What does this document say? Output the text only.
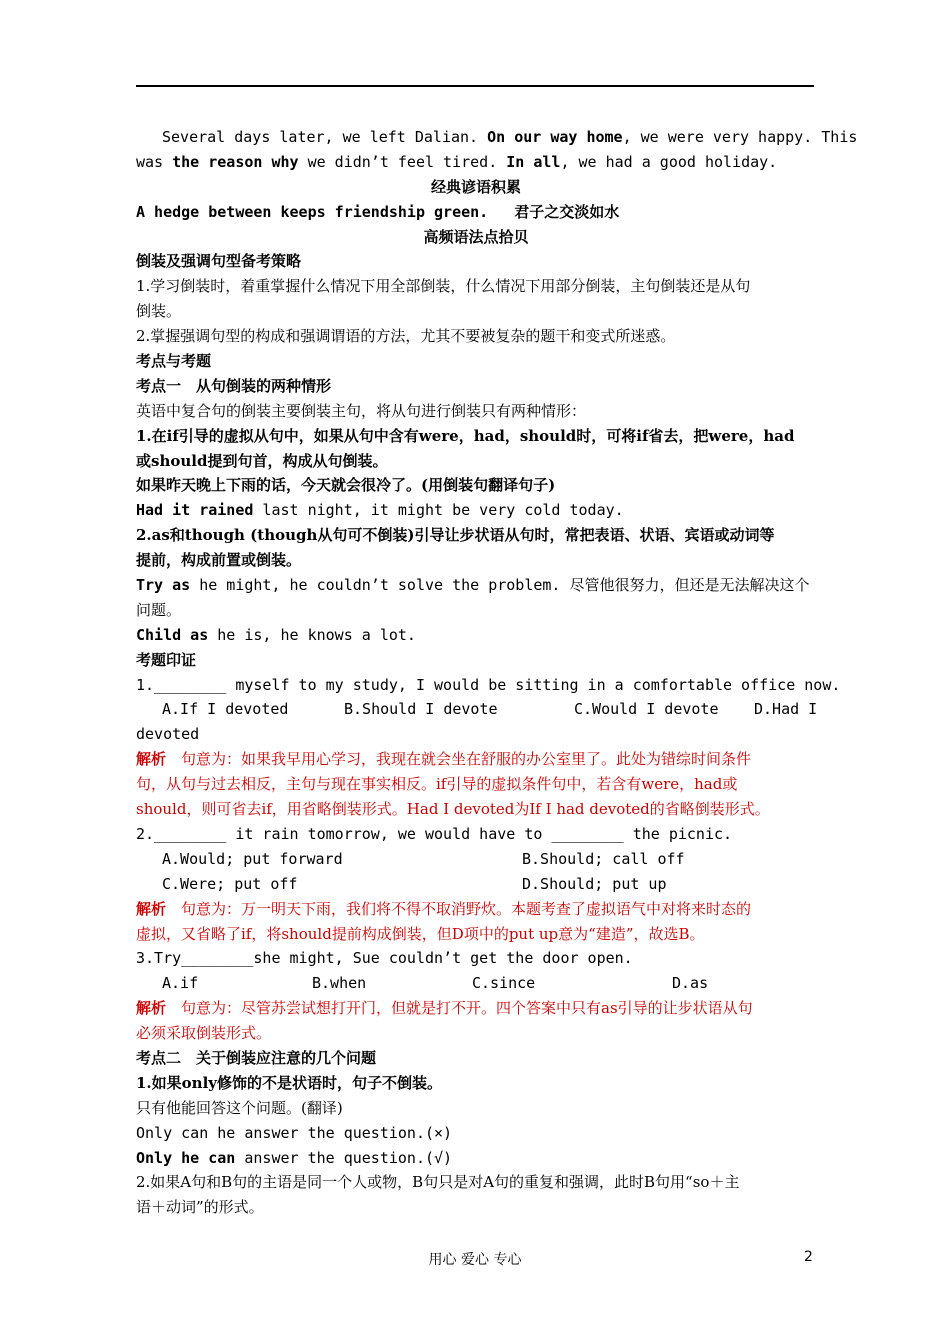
Several days later, we left Dalian. On our way home, we were very happy. This
was the reason why we didn’t feel tired. In all, we had a good holiday.
经典谚语积累
A hedge between keeps friendship green. 君子之交淡如水
高频语法点拾贝
倒装及强调句型备考策略
1.学习倒装时，着重掌握什么情况下用全部倒装，什么情况下用部分倒装，主句倒装还是从句
倒装。
2.掌握强调句型的构成和强调谓语的方法，尤其不要被复杂的题干和变式所迷惑。
考点与考题
考点一　从句倒装的两种情形
英语中复合句的倒装主要倒装主句，将从句进行倒装只有两种情形：
1.在if引导的虚拟从句中，如果从句中含有were，had，should时，可将if省去，把were，had
或should提到句首，构成从句倒装。
如果昨天晚上下雨的话，今天就会很冷了。(用倒装句翻译句子)
Had it rained last night, it might be very cold today.
2.as和though (though从句可不倒装)引导让步状语从句时，常把表语、状语、宾语或动词等
提前，构成前置或倒装。
Try as he might, he couldn’t solve the problem. 尽管他很努力，但还是无法解决这个
问题。
Child as he is, he knows a lot.
考题印证
1.________ myself to my study, I would be sitting in a comfortable office now.
A.If I devoted	B.Should I devote	C.Would I devote D.Had I
devoted
解析　句意为：如果我早用心学习，我现在就会坐在舒服的办公室里了。此处为错综时间条件
句，从句与过去相反，主句与现在事实相反。if引导的虚拟条件句中，若含有were，had或
should，则可省去if，用省略倒装形式。Had I devoted为If I had devoted的省略倒装形式。
2.________ it rain tomorrow, we would have to ________ the picnic.
A.Would; put forward	B.Should; call off
C.Were; put off	D.Should; put up
解析　句意为：万一明天下雨，我们将不得不取消野炊。本题考查了虚拟语气中对将来时态的
虚拟，又省略了if，将should提前构成倒装，但D项中的put up意为“建造”，故选B。
3.Try________she might, Sue couldn’t get the door open.
A.if	B.when	C.since	D.as
解析　句意为：尽管苏尝试想打开门，但就是打不开。四个答案中只有as引导的让步状语从句
必须采取倒装形式。
考点二　关于倒装应注意的几个问题
1.如果only修饰的不是状语时，句子不倒装。
只有他能回答这个问题。(翻译)
Only can he answer the question.(×)
Only he can answer the question.(√)
2.如果A句和B句的主语是同一个人或物，B句只是对A句的重复和强调，此时B句用“so＋主
语＋动词”的形式。
用心 爱心 专心	2
